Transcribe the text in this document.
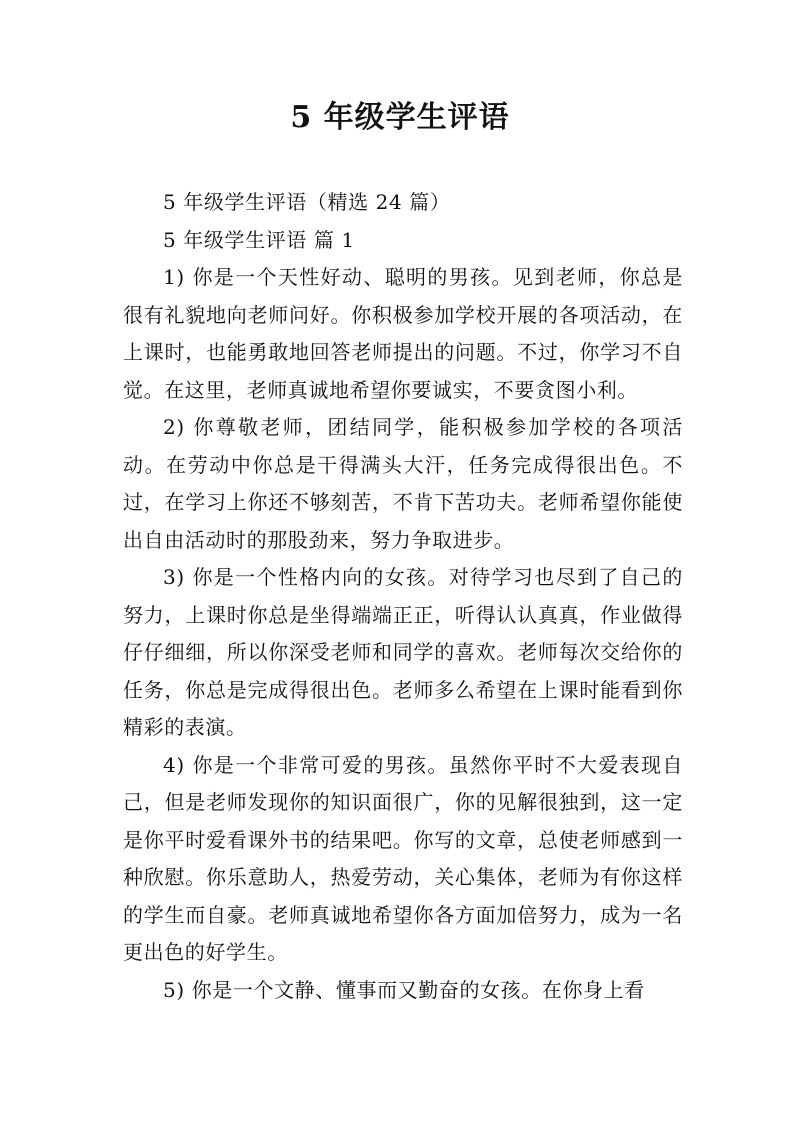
5 年级学生评语

5 年级学生评语（精选 24 篇）

5 年级学生评语 篇 1

1) 你是一个天性好动、聪明的男孩。见到老师，你总是很有礼貌地向老师问好。你积极参加学校开展的各项活动，在上课时，也能勇敢地回答老师提出的问题。不过，你学习不自觉。在这里，老师真诚地希望你要诚实，不要贪图小利。

2) 你尊敬老师，团结同学，能积极参加学校的各项活动。在劳动中你总是干得满头大汗，任务完成得很出色。不过，在学习上你还不够刻苦，不肯下苦功夫。老师希望你能使出自由活动时的那股劲来，努力争取进步。

3) 你是一个性格内向的女孩。对待学习也尽到了自己的努力，上课时你总是坐得端端正正，听得认认真真，作业做得仔仔细细，所以你深受老师和同学的喜欢。老师每次交给你的任务，你总是完成得很出色。老师多么希望在上课时能看到你精彩的表演。

4) 你是一个非常可爱的男孩。虽然你平时不大爱表现自己，但是老师发现你的知识面很广，你的见解很独到，这一定是你平时爱看课外书的结果吧。你写的文章，总使老师感到一种欣慰。你乐意助人，热爱劳动，关心集体，老师为有你这样的学生而自豪。老师真诚地希望你各方面加倍努力，成为一名更出色的好学生。

5) 你是一个文静、懂事而又勤奋的女孩。在你身上看
